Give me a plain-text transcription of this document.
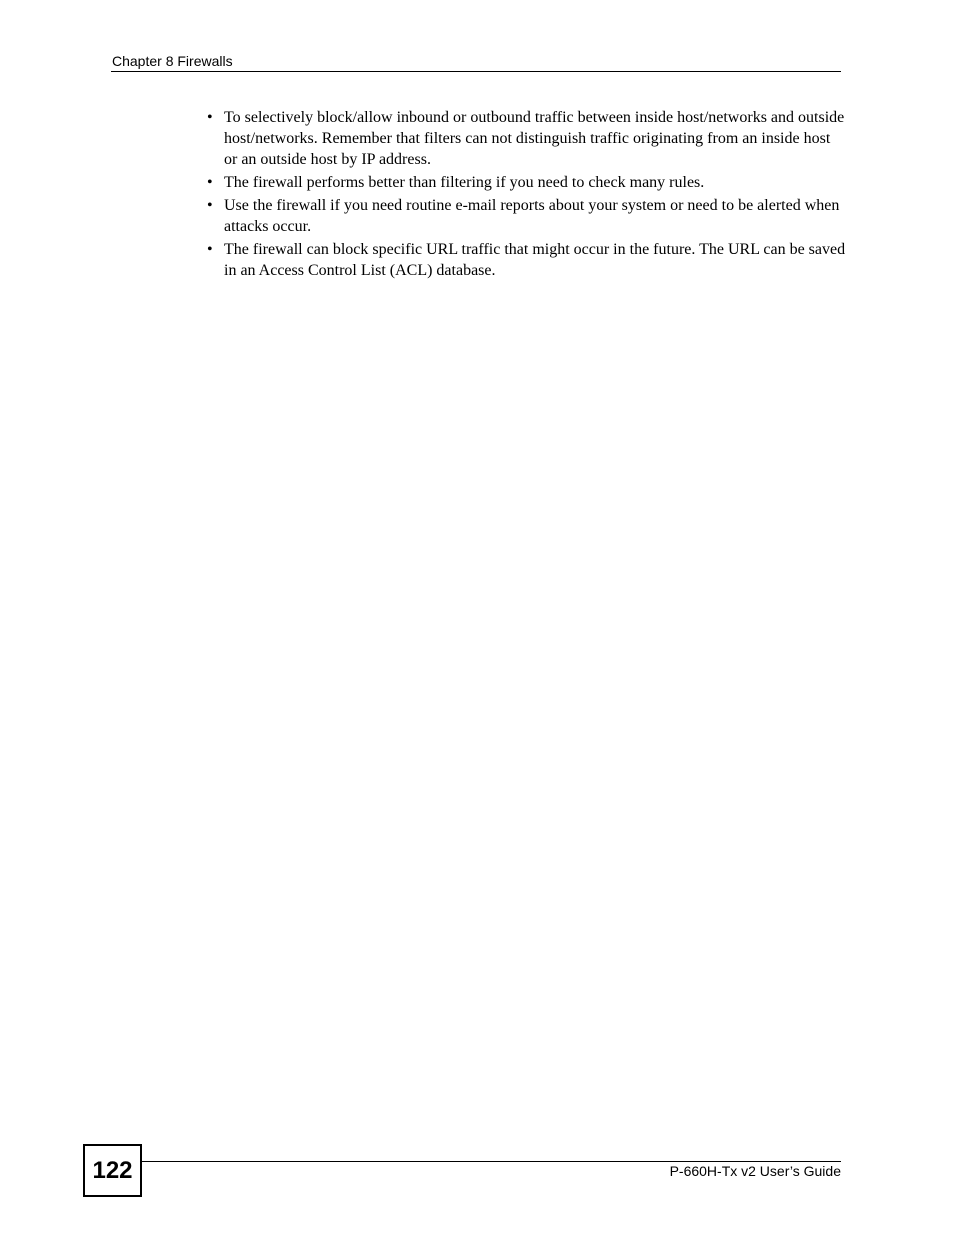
Chapter 8 Firewalls
• To selectively block/allow inbound or outbound traffic between inside host/networks and outside host/networks. Remember that filters can not distinguish traffic originating from an inside host or an outside host by IP address.
• The firewall performs better than filtering if you need to check many rules.
• Use the firewall if you need routine e-mail reports about your system or need to be alerted when attacks occur.
• The firewall can block specific URL traffic that might occur in the future. The URL can be saved in an Access Control List (ACL) database.
122	P-660H-Tx v2 User’s Guide
